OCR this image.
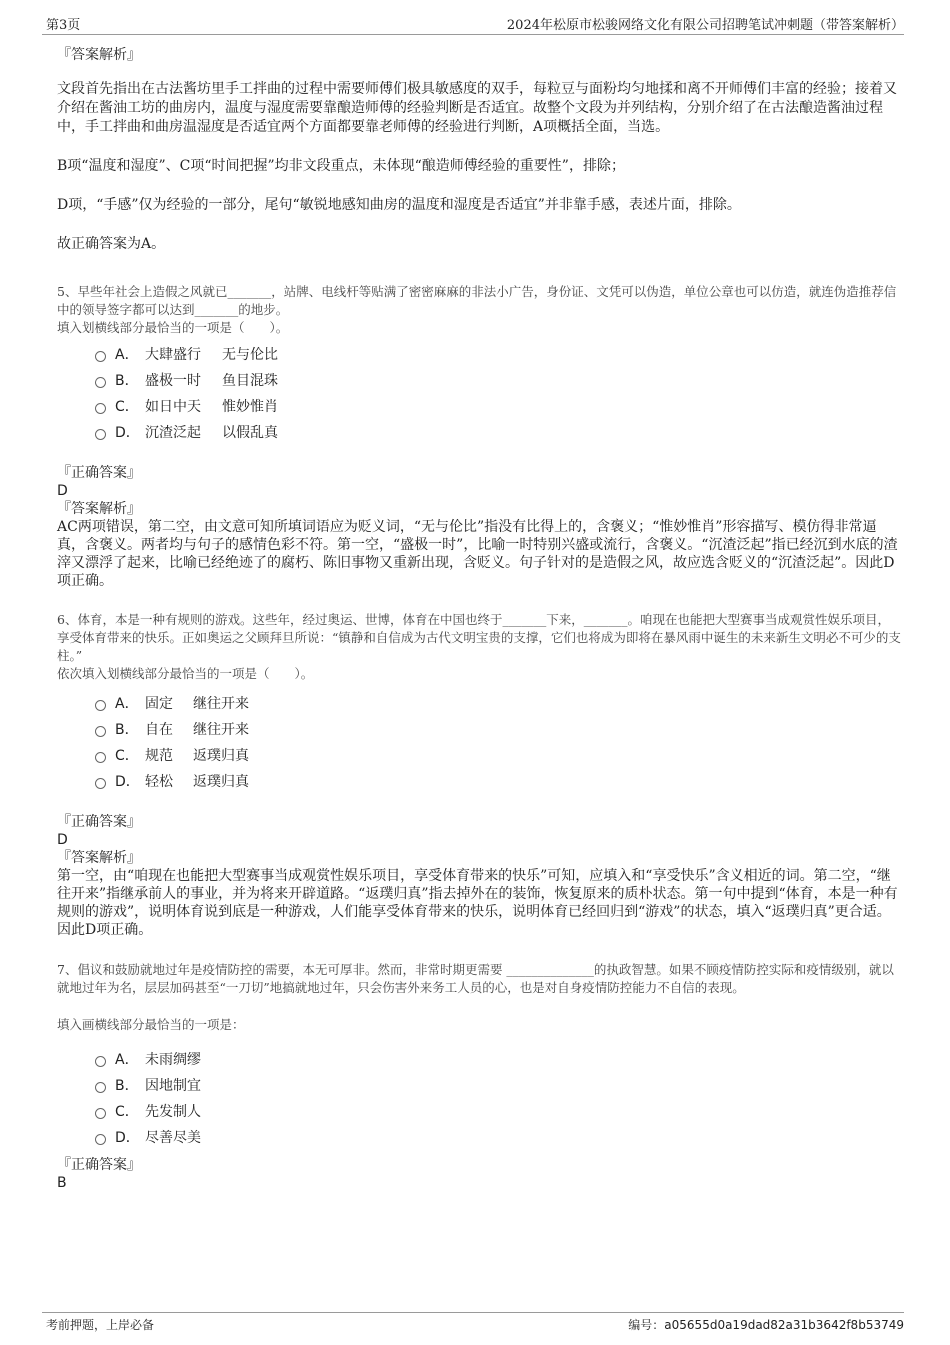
第3页	2024年松原市松骏网络文化有限公司招聘笔试冲刺题（带答案解析）
『答案解析』

文段首先指出在古法酱坊里手工拌曲的过程中需要师傅们极具敏感度的双手，每粒豆与面粉均匀地揉和离不开师傅们丰富的经验；接着又介绍在酱油工坊的曲房内，温度与湿度需要靠酿造师傅的经验判断是否适宜。故整个文段为并列结构，分别介绍了在古法酿造酱油过程中，手工拌曲和曲房温湿度是否适宜两个方面都要靠老师傅的经验进行判断，A项概括全面，当选。

B项“温度和湿度”、C项“时间把握”均非文段重点，未体现“酿造师傅经验的重要性”，排除；

D项，“手感”仅为经验的一部分，尾句“敏锐地感知曲房的温度和湿度是否适宜”并非靠手感，表述片面，排除。

故正确答案为A。

5、早些年社会上造假之风就已_______，站牌、电线杆等贴满了密密麻麻的非法小广告，身份证、文凭可以伪造，单位公章也可以仿造，就连伪造推荐信中的领导签字都可以达到_______的地步。
填入划横线部分最恰当的一项是（　　）。
A． 大肆盛行	无与伦比
B． 盛极一时	鱼目混珠
C． 如日中天	惟妙惟肖
D． 沉渣泛起	以假乱真
『正确答案』
D
『答案解析』
AC两项错误，第二空，由文意可知所填词语应为贬义词，“无与伦比”指没有比得上的，含褒义；“惟妙惟肖”形容描写、模仿得非常逼真，含褒义。两者均与句子的感情色彩不符。第一空，“盛极一时”，比喻一时特别兴盛或流行，含褒义。“沉渣泛起”指已经沉到水底的渣滓又漂浮了起来，比喻已经绝迹了的腐朽、陈旧事物又重新出现，含贬义。句子针对的是造假之风，故应选含贬义的“沉渣泛起”。因此D项正确。
6、体育，本是一种有规则的游戏。这些年，经过奥运、世博，体育在中国也终于_______下来，_______。咱现在也能把大型赛事当成观赏性娱乐项目，享受体育带来的快乐。正如奥运之父顾拜旦所说：“镇静和自信成为古代文明宝贵的支撑，它们也将成为即将在暴风雨中诞生的未来新生文明必不可少的支柱。”
依次填入划横线部分最恰当的一项是（　　）。
A． 固定	继往开来
B． 自在	继往开来
C． 规范	返璞归真
D． 轻松	返璞归真
『正确答案』
D
『答案解析』
第一空，由“咱现在也能把大型赛事当成观赏性娱乐项目，享受体育带来的快乐”可知，应填入和“享受快乐”含义相近的词。第二空，“继往开来”指继承前人的事业，并为将来开辟道路。“返璞归真”指去掉外在的装饰，恢复原来的质朴状态。第一句中提到“体育，本是一种有规则的游戏”，说明体育说到底是一种游戏，人们能享受体育带来的快乐，说明体育已经回归到“游戏”的状态，填入“返璞归真”更合适。因此D项正确。
7、倡议和鼓励就地过年是疫情防控的需要，本无可厚非。然而，非常时期更需要 ______________的执政智慧。如果不顾疫情防控实际和疫情级别，就以就地过年为名，层层加码甚至“一刀切”地搞就地过年，只会伤害外来务工人员的心，也是对自身疫情防控能力不自信的表现。
填入画横线部分最恰当的一项是：
A． 未雨绸缪
B． 因地制宜
C． 先发制人
D． 尽善尽美
『正确答案』
B
考前押题，上岸必备	编号：a05655d0a19dad82a31b3642f8b53749
